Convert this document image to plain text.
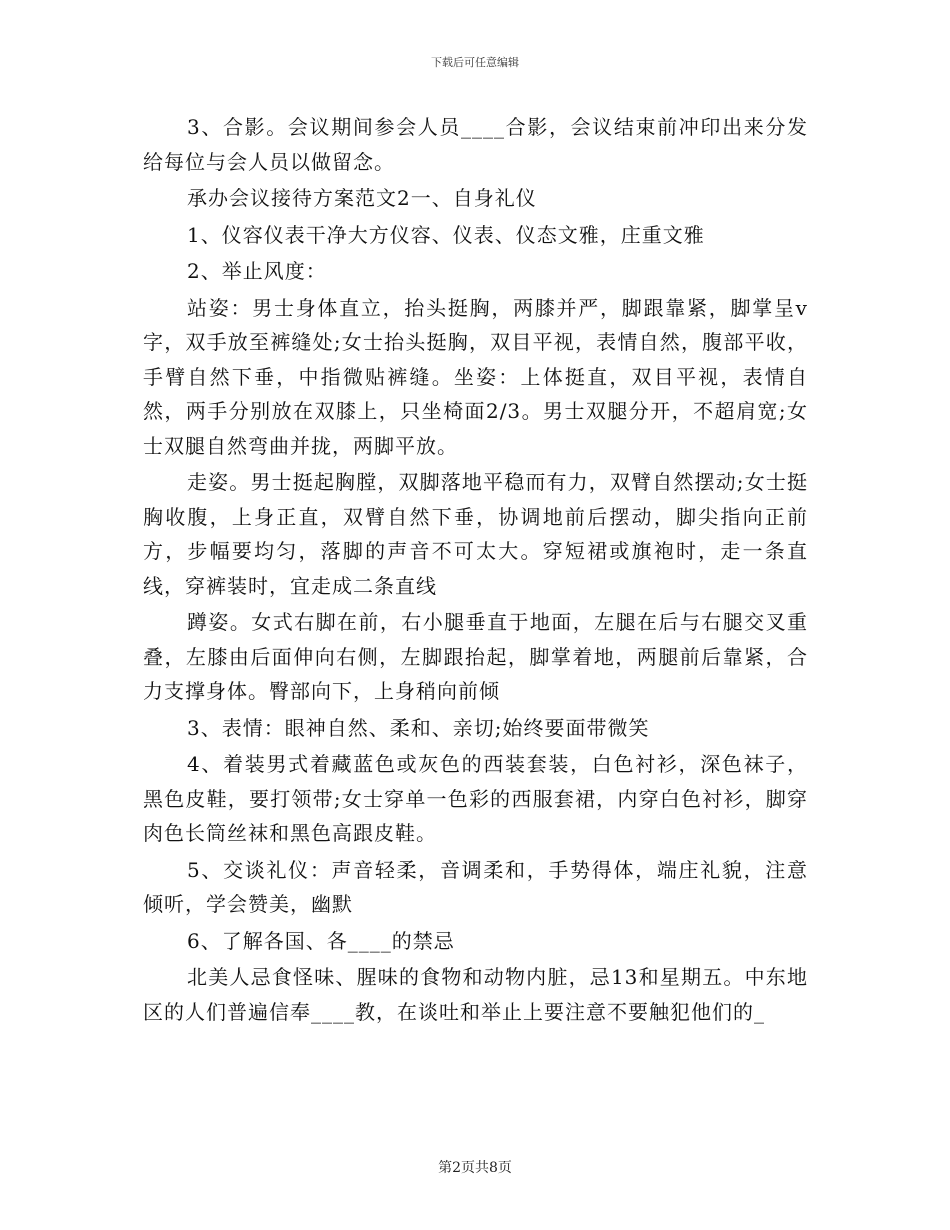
下载后可任意编辑

3、合影。会议期间参会人员____合影，会议结束前冲印出来分发给每位与会人员以做留念。

承办会议接待方案范文2一、自身礼仪

1、仪容仪表干净大方仪容、仪表、仪态文雅，庄重文雅

2、举止风度：

站姿：男士身体直立，抬头挺胸，两膝并严，脚跟靠紧，脚掌呈v字，双手放至裤缝处;女士抬头挺胸，双目平视，表情自然，腹部平收，手臂自然下垂，中指微贴裤缝。坐姿：上体挺直，双目平视，表情自然，两手分别放在双膝上，只坐椅面2/3。男士双腿分开，不超肩宽;女士双腿自然弯曲并拢，两脚平放。

走姿。男士挺起胸膛，双脚落地平稳而有力，双臂自然摆动;女士挺胸收腹，上身正直，双臂自然下垂，协调地前后摆动，脚尖指向正前方，步幅要均匀，落脚的声音不可太大。穿短裙或旗袍时，走一条直线，穿裤装时，宜走成二条直线

蹲姿。女式右脚在前，右小腿垂直于地面，左腿在后与右腿交叉重叠，左膝由后面伸向右侧，左脚跟抬起，脚掌着地，两腿前后靠紧，合力支撑身体。臀部向下，上身稍向前倾

3、表情：眼神自然、柔和、亲切;始终要面带微笑

4、着装男式着藏蓝色或灰色的西装套装，白色衬衫，深色袜子，黑色皮鞋，要打领带;女士穿单一色彩的西服套裙，内穿白色衬衫，脚穿肉色长筒丝袜和黑色高跟皮鞋。

5、交谈礼仪：声音轻柔，音调柔和，手势得体，端庄礼貌，注意倾听，学会赞美，幽默

6、了解各国、各____的禁忌

北美人忌食怪味、腥味的食物和动物内脏，忌13和星期五。中东地区的人们普遍信奉____教，在谈吐和举止上要注意不要触犯他们的_

第2页共8页
